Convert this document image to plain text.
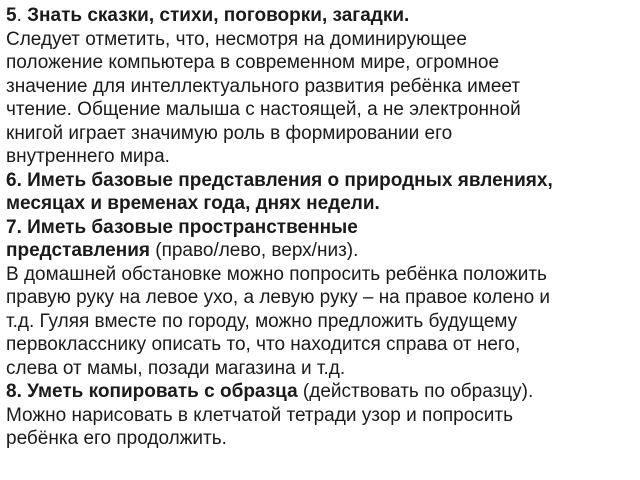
5. Знать сказки, стихи, поговорки, загадки.
Следует отметить, что, несмотря на доминирующее
положение компьютера в современном мире, огромное
значение для интеллектуального развития ребёнка имеет
чтение. Общение малыша с настоящей, а не электронной
книгой играет значимую роль в формировании его
внутреннего мира.
6. Иметь базовые представления о природных явлениях,
месяцах и временах года, днях недели.
7. Иметь базовые пространственные
представления (право/лево, верх/низ).
В домашней обстановке можно попросить ребёнка положить
правую руку на левое ухо, а левую руку – на правое колено и
т.д. Гуляя вместе по городу, можно предложить будущему
первокласснику описать то, что находится справа от него,
слева от мамы, позади магазина и т.д.
8. Уметь копировать с образца (действовать по образцу).
Можно нарисовать в клетчатой тетради узор и попросить
ребёнка его продолжить.
